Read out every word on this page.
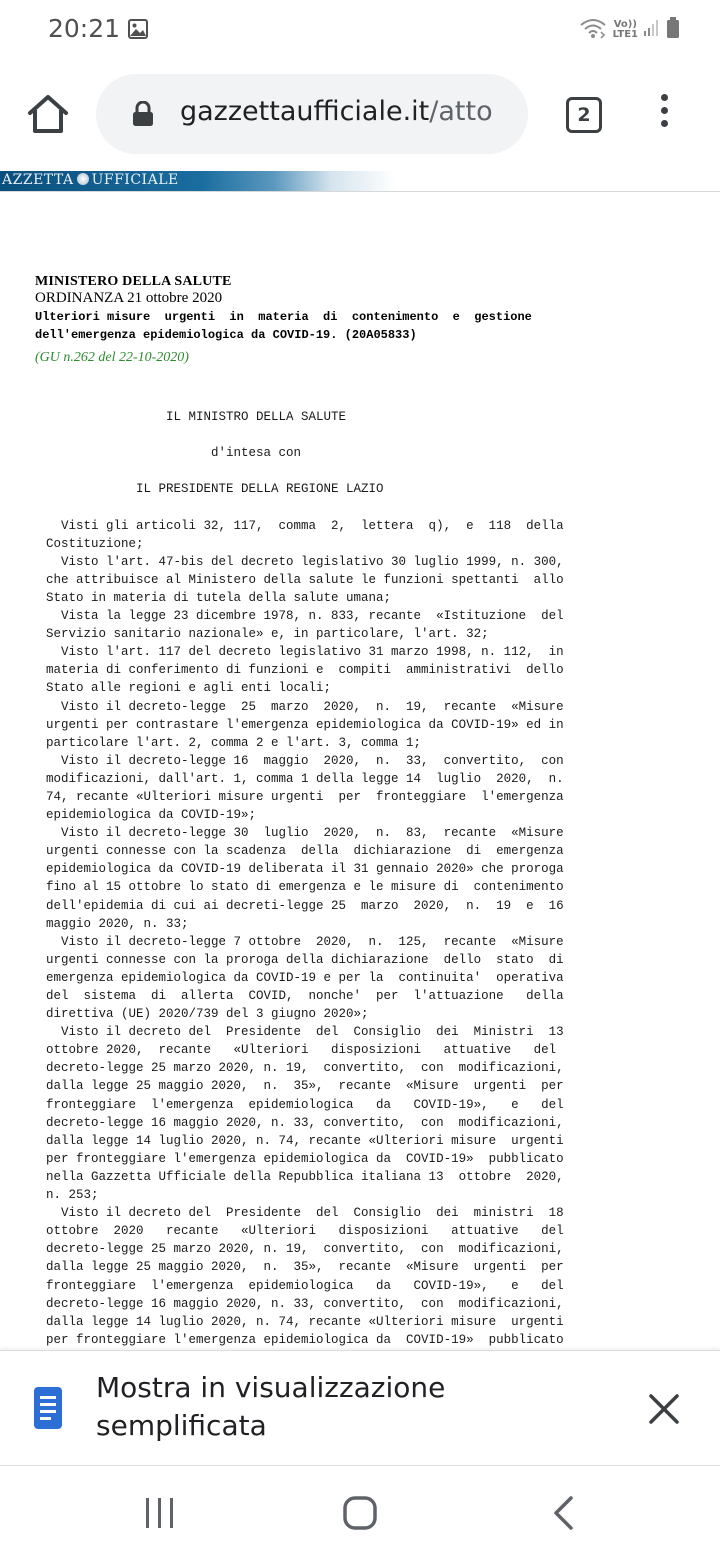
20:21	Vo))
LTE1
gazzettaufficiale.it/atto	2
AZZETTA UFFICIALE
MINISTERO DELLA SALUTE
ORDINANZA 21 ottobre 2020
Ulteriori misure  urgenti  in  materia  di  contenimento  e  gestione
dell'emergenza epidemiologica da COVID-19. (20A05833)
(GU n.262 del 22-10-2020)
IL MINISTRO DELLA SALUTE

d'intesa con

IL PRESIDENTE DELLA REGIONE LAZIO

Visti gli articoli 32, 117,  comma  2,  lettera  q),  e  118  della
Costituzione;
Visto l'art. 47-bis del decreto legislativo 30 luglio 1999, n. 300,
che attribuisce al Ministero della salute le funzioni spettanti  allo
Stato in materia di tutela della salute umana;
Vista la legge 23 dicembre 1978, n. 833, recante  «Istituzione  del
Servizio sanitario nazionale» e, in particolare, l'art. 32;
Visto l'art. 117 del decreto legislativo 31 marzo 1998, n. 112,  in
materia di conferimento di funzioni e  compiti  amministrativi  dello
Stato alle regioni e agli enti locali;
Visto il decreto-legge  25  marzo  2020,  n.  19,  recante  «Misure
urgenti per contrastare l'emergenza epidemiologica da COVID-19» ed in
particolare l'art. 2, comma 2 e l'art. 3, comma 1;
Visto il decreto-legge 16  maggio  2020,  n.  33,  convertito,  con
modificazioni, dall'art. 1, comma 1 della legge 14  luglio  2020,  n.
74, recante «Ulteriori misure urgenti  per  fronteggiare  l'emergenza
epidemiologica da COVID-19»;
Visto il decreto-legge 30  luglio  2020,  n.  83,  recante  «Misure
urgenti connesse con la scadenza  della  dichiarazione  di  emergenza
epidemiologica da COVID-19 deliberata il 31 gennaio 2020» che proroga
fino al 15 ottobre lo stato di emergenza e le misure di  contenimento
dell'epidemia di cui ai decreti-legge 25  marzo  2020,  n.  19  e  16
maggio 2020, n. 33;
Visto il decreto-legge 7 ottobre  2020,  n.  125,  recante  «Misure
urgenti connesse con la proroga della dichiarazione  dello  stato  di
emergenza epidemiologica da COVID-19 e per la  continuita'  operativa
del  sistema  di  allerta  COVID,  nonche'  per  l'attuazione   della
direttiva (UE) 2020/739 del 3 giugno 2020»;
Visto il decreto del  Presidente  del  Consiglio  dei  Ministri  13
ottobre 2020,  recante   «Ulteriori   disposizioni   attuative   del
decreto-legge 25 marzo 2020, n. 19,  convertito,  con  modificazioni,
dalla legge 25 maggio 2020,  n.  35»,  recante  «Misure  urgenti  per
fronteggiare  l'emergenza  epidemiologica   da   COVID-19»,   e   del
decreto-legge 16 maggio 2020, n. 33, convertito,  con  modificazioni,
dalla legge 14 luglio 2020, n. 74, recante «Ulteriori misure  urgenti
per fronteggiare l'emergenza epidemiologica da  COVID-19»  pubblicato
nella Gazzetta Ufficiale della Repubblica italiana 13  ottobre  2020,
n. 253;
Visto il decreto del  Presidente  del  Consiglio  dei  ministri  18
ottobre  2020   recante   «Ulteriori   disposizioni   attuative   del
decreto-legge 25 marzo 2020, n. 19,  convertito,  con  modificazioni,
dalla legge 25 maggio 2020,  n.  35»,  recante  «Misure  urgenti  per
fronteggiare  l'emergenza  epidemiologica   da   COVID-19»,   e   del
decreto-legge 16 maggio 2020, n. 33, convertito,  con  modificazioni,
dalla legge 14 luglio 2020, n. 74, recante «Ulteriori misure  urgenti
per fronteggiare l'emergenza epidemiologica da  COVID-19»  pubblicato
Mostra in visualizzazione semplificata
